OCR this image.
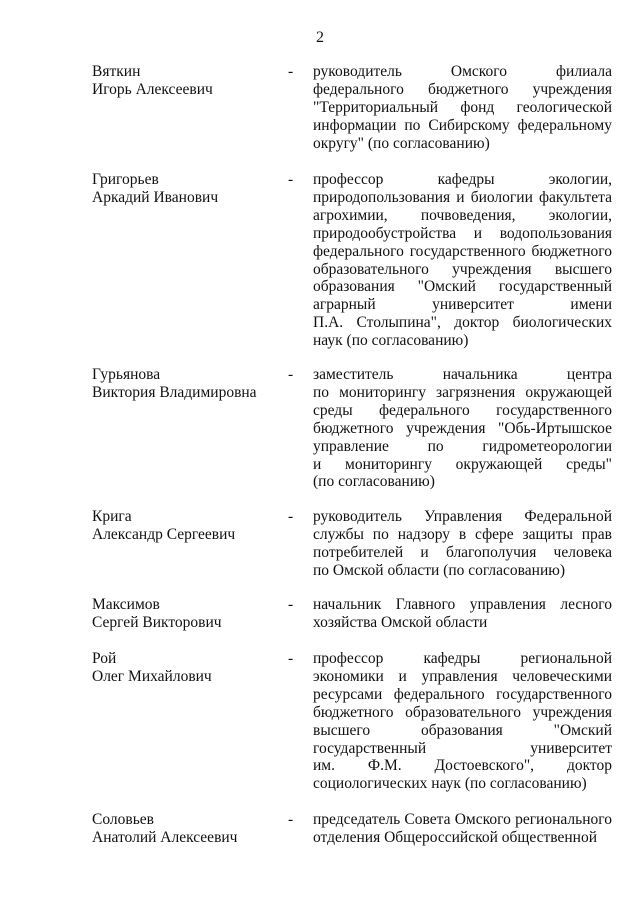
2
Вяткин
Игорь Алексеевич
- руководитель Омского филиала
федерального бюджетного учреждения
"Территориальный фонд геологической
информации по Сибирскому федеральному
округу" (по согласованию)
Григорьев
Аркадий Иванович
- профессор кафедры экологии,
природопользования и биологии факультета
агрохимии, почвоведения, экологии,
природообустройства и водопользования
федерального государственного бюджетного
образовательного учреждения высшего
образования "Омский государственный
аграрный университет имени
П.А. Столыпина", доктор биологических
наук (по согласованию)
Гурьянова
Виктория Владимировна
- заместитель начальника центра
по мониторингу загрязнения окружающей
среды федерального государственного
бюджетного учреждения "Обь-Иртышское
управление по гидрометеорологии
и мониторингу окружающей среды"
(по согласованию)
Крига
Александр Сергеевич
- руководитель Управления Федеральной
службы по надзору в сфере защиты прав
потребителей и благополучия человека
по Омской области (по согласованию)
Максимов
Сергей Викторович
- начальник Главного управления лесного
хозяйства Омской области
Рой
Олег Михайлович
- профессор кафедры региональной
экономики и управления человеческими
ресурсами федерального государственного
бюджетного образовательного учреждения
высшего образования "Омский
государственный университет
им. Ф.М. Достоевского", доктор
социологических наук (по согласованию)
Соловьев
Анатолий Алексеевич
- председатель Совета Омского регионального
отделения Общероссийской общественной
